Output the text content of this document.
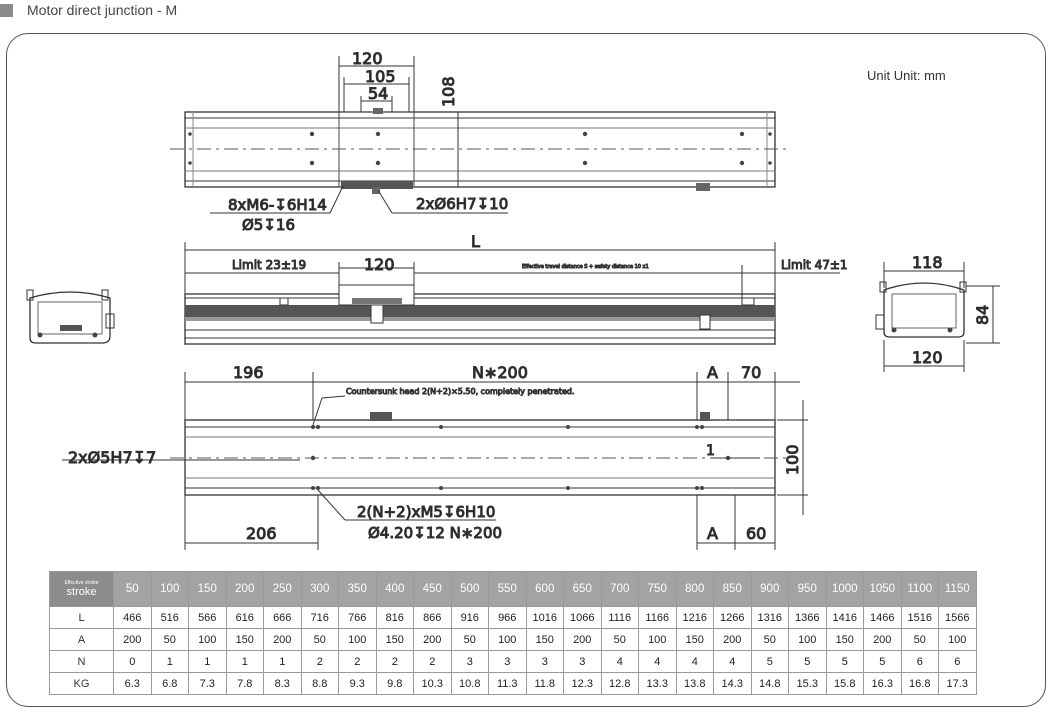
Motor direct junction - M
Unit Unit: mm
120
105
54	108
8xM6-↧6H14
Ø5↧16
2xØ6H7↧10
L
Limit 23±19	120	Effective travel distance S + safety distance 10 x1	Limit 47±1	118
120
84
196	N∗200	A 70
Countersunk head 2(N+2)×5.50, completely penetrated.
2xØ5H7↧7	100
1
2(N+2)xM5↧6H10
Ø4.20↧12 N∗200
206	A 60
Effective stroke
stroke	50	100	150	200	250	300	350	400	450	500	550	600	650	700	750	800	850	900	950	1000	1050	1100	1150
L	466	516	566	616	666	716	766	816	866	916	966	1016	1066	1116	1166	1216	1266	1316	1366	1416	1466	1516	1566
A	200	50	100	150	200	50	100	150	200	50	100	150	200	50	100	150	200	50	100	150	200	50	100
N	0	1	1	1	1	2	2	2	2	3	3	3	3	4	4	4	4	5	5	5	5	6	6
KG	6.3	6.8	7.3	7.8	8.3	8.8	9.3	9.8	10.3	10.8	11.3	11.8	12.3	12.8	13.3	13.8	14.3	14.8	15.3	15.8	16.3	16.8	17.3
